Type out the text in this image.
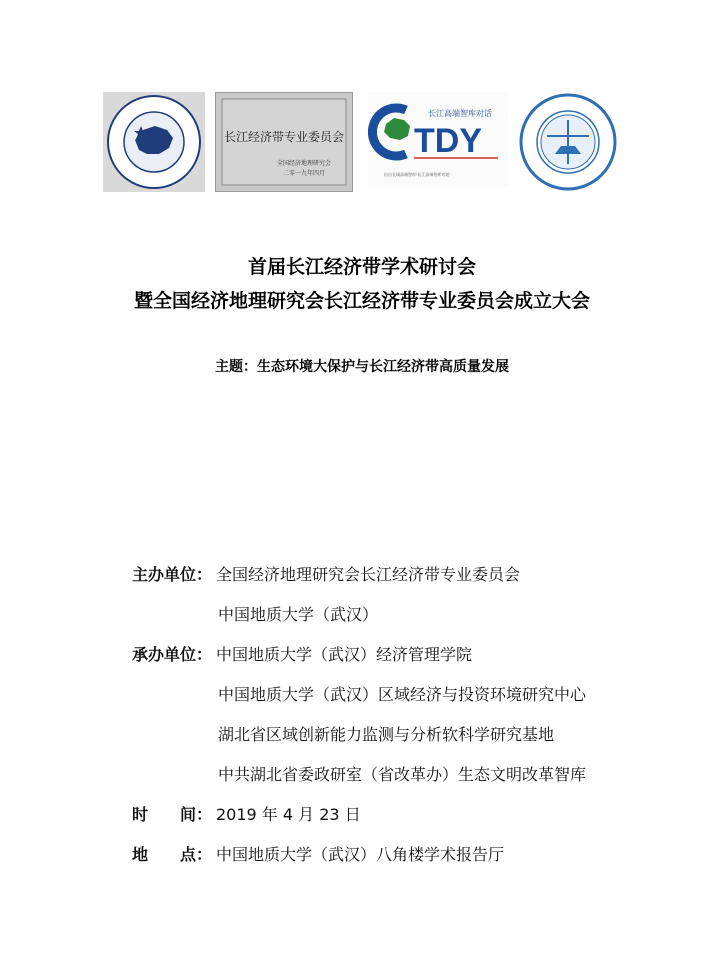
长江经济带专业委员会
全国经济地理研究会
二零一九年四月
TDY
长江高端智库对话
出自长城高端智库“长江高端智库对话”
首届长江经济带学术研讨会
暨全国经济地理研究会长江经济带专业委员会成立大会
主题：生态环境大保护与长江经济带高质量发展
主办单位： 全国经济地理研究会长江经济带专业委员会
中国地质大学（武汉）
承办单位： 中国地质大学（武汉）经济管理学院
中国地质大学（武汉）区域经济与投资环境研究中心
湖北省区域创新能力监测与分析软科学研究基地
中共湖北省委政研室（省改革办）生态文明改革智库
时 间： 2019 年 4 月 23 日
地 点： 中国地质大学（武汉）八角楼学术报告厅
